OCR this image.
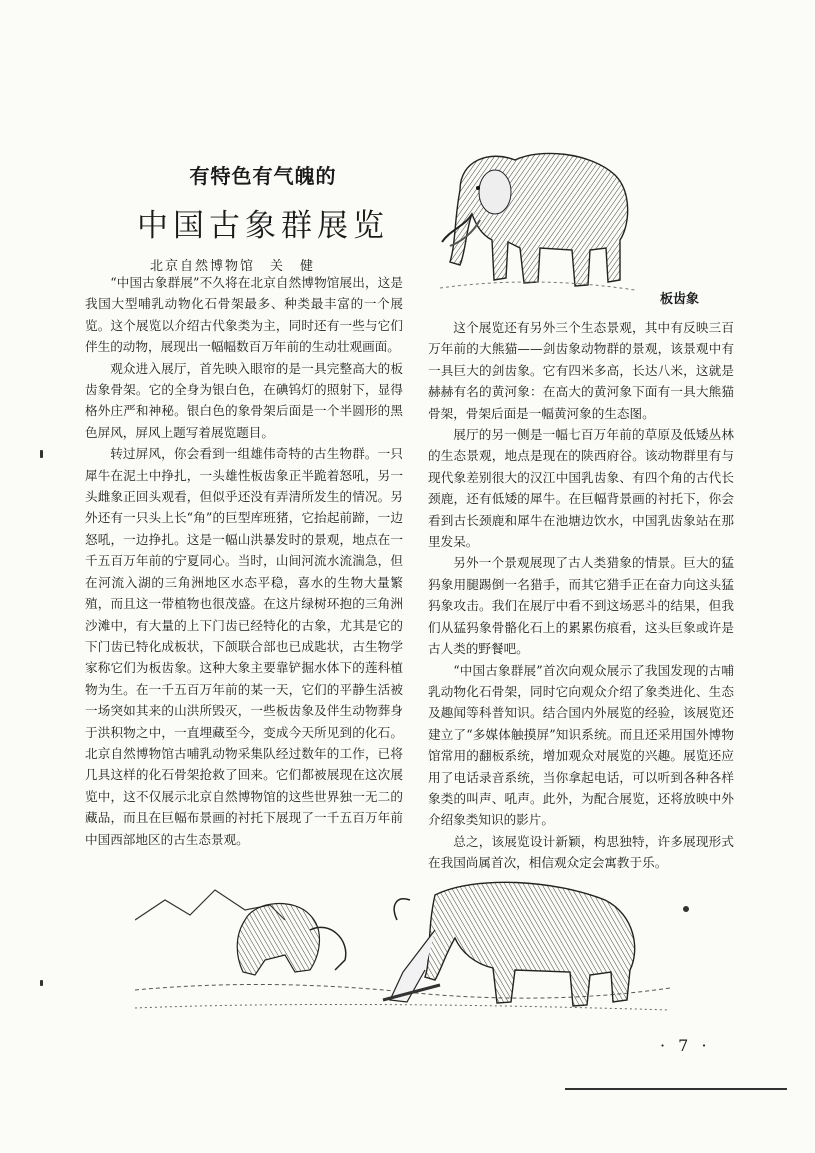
有特色有气魄的
中国古象群展览
北京自然博物馆　关　健
板齿象

“中国古象群展”不久将在北京自然博物馆展出，这是我国大型哺乳动物化石骨架最多、种类最丰富的一个展览。这个展览以介绍古代象类为主，同时还有一些与它们伴生的动物，展现出一幅幅数百万年前的生动壮观画面。

观众进入展厅，首先映入眼帘的是一具完整高大的板齿象骨架。它的全身为银白色，在碘钨灯的照射下，显得格外庄严和神秘。银白色的象骨架后面是一个半圆形的黑色屏风，屏风上题写着展览题目。

转过屏风，你会看到一组雄伟奇特的古生物群。一只犀牛在泥土中挣扎，一头雄性板齿象正半跪着怒吼，另一头雌象正回头观看，但似乎还没有弄清所发生的情况。另外还有一只头上长“角”的巨型库班猪，它抬起前蹄，一边怒吼，一边挣扎。这是一幅山洪暴发时的景观，地点在一千五百万年前的宁夏同心。当时，山间河流水流湍急，但在河流入湖的三角洲地区水态平稳，喜水的生物大量繁殖，而且这一带植物也很茂盛。在这片绿树环抱的三角洲沙滩中，有大量的上下门齿已经特化的古象，尤其是它的下门齿已特化成板状，下颌联合部也已成匙状，古生物学家称它们为板齿象。这种大象主要靠铲掘水体下的莲科植物为生。在一千五百万年前的某一天，它们的平静生活被一场突如其来的山洪所毁灭，一些板齿象及伴生动物葬身于洪积物之中，一直埋藏至今，变成今天所见到的化石。北京自然博物馆古哺乳动物采集队经过数年的工作，已将几具这样的化石骨架抢救了回来。它们都被展现在这次展览中，这不仅展示北京自然博物馆的这些世界独一无二的藏品，而且在巨幅布景画的衬托下展现了一千五百万年前中国西部地区的古生态景观。

这个展览还有另外三个生态景观，其中有反映三百万年前的大熊猫——剑齿象动物群的景观，该景观中有一具巨大的剑齿象。它有四米多高，长达八米，这就是赫赫有名的黄河象：在高大的黄河象下面有一具大熊猫骨架，骨架后面是一幅黄河象的生态图。

展厅的另一侧是一幅七百万年前的草原及低矮丛林的生态景观，地点是现在的陕西府谷。该动物群里有与现代象差别很大的汉江中国乳齿象、有四个角的古代长颈鹿，还有低矮的犀牛。在巨幅背景画的衬托下，你会看到古长颈鹿和犀牛在池塘边饮水，中国乳齿象站在那里发呆。

另外一个景观展现了古人类猎象的情景。巨大的猛犸象用腿踢倒一名猎手，而其它猎手正在奋力向这头猛犸象攻击。我们在展厅中看不到这场恶斗的结果，但我们从猛犸象骨骼化石上的累累伤痕看，这头巨象或许是古人类的野餐吧。

“中国古象群展”首次向观众展示了我国发现的古哺乳动物化石骨架，同时它向观众介绍了象类进化、生态及趣闻等科普知识。结合国内外展览的经验，该展览还建立了“多媒体触摸屏”知识系统。而且还采用国外博物馆常用的翻板系统，增加观众对展览的兴趣。展览还应用了电话录音系统，当你拿起电话，可以听到各种各样象类的叫声、吼声。此外，为配合展览，还将放映中外介绍象类知识的影片。

总之，该展览设计新颖，构思独特，许多展现形式在我国尚属首次，相信观众定会寓教于乐。

· 7 ·
